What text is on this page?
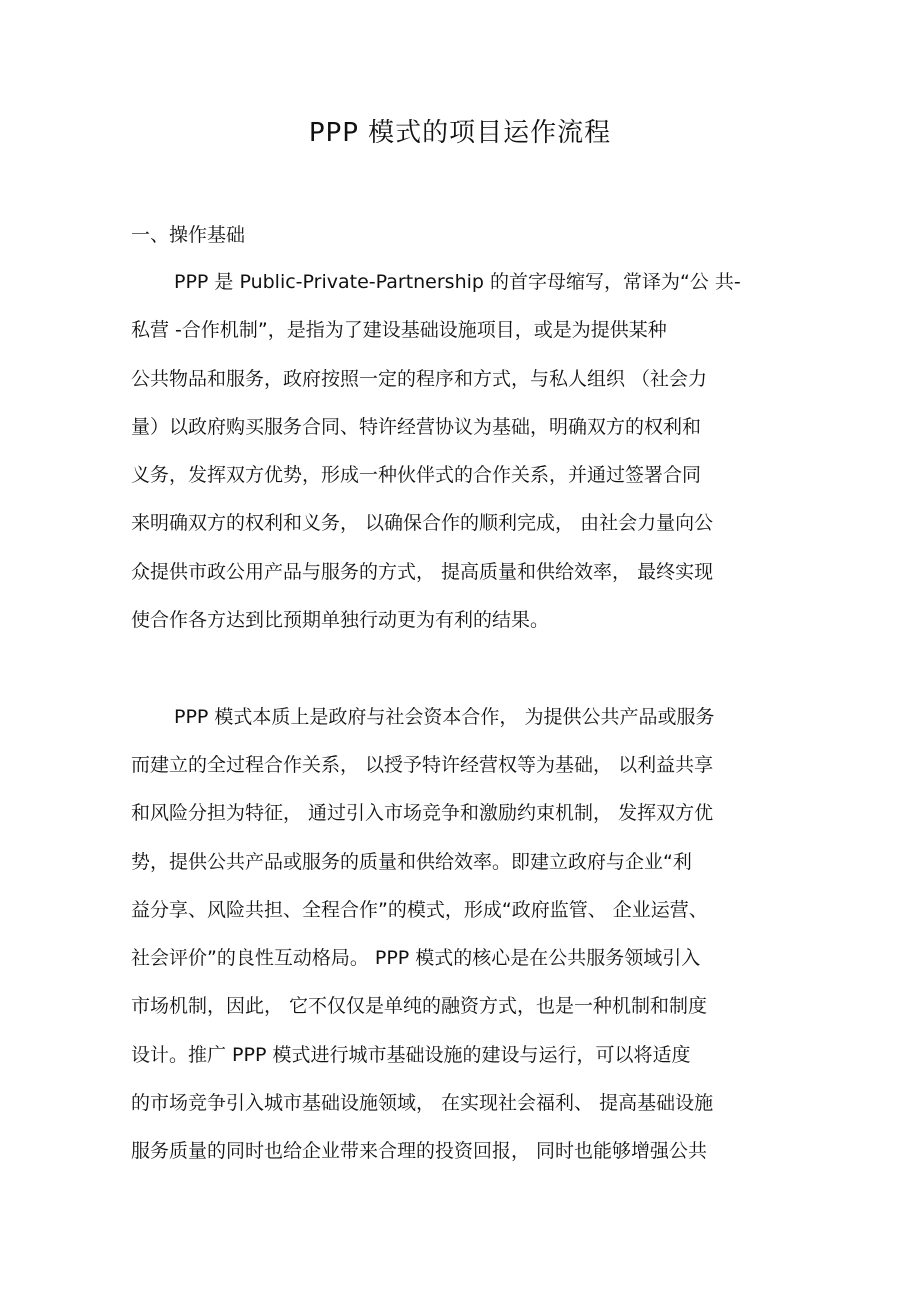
PPP 模式的项目运作流程
一、操作基础
PPP 是 Public-Private-Partnership 的首字母缩写，常译为“公 共-
私营 -合作机制”，是指为了建设基础设施项目，或是为提供某种
公共物品和服务，政府按照一定的程序和方式，与私人组织 （社会力
量）以政府购买服务合同、特许经营协议为基础，明确双方的权利和
义务，发挥双方优势，形成一种伙伴式的合作关系，并通过签署合同
来明确双方的权利和义务， 以确保合作的顺利完成， 由社会力量向公
众提供市政公用产品与服务的方式， 提高质量和供给效率， 最终实现
使合作各方达到比预期单独行动更为有利的结果。
PPP 模式本质上是政府与社会资本合作， 为提供公共产品或服务
而建立的全过程合作关系， 以授予特许经营权等为基础， 以利益共享
和风险分担为特征， 通过引入市场竞争和激励约束机制， 发挥双方优
势，提供公共产品或服务的质量和供给效率。即建立政府与企业“利
益分享、风险共担、全程合作”的模式，形成“政府监管、 企业运营、
社会评价”的良性互动格局。 PPP 模式的核心是在公共服务领域引入
市场机制，因此， 它不仅仅是单纯的融资方式，也是一种机制和制度
设计。推广 PPP 模式进行城市基础设施的建设与运行，可以将适度
的市场竞争引入城市基础设施领域， 在实现社会福利、 提高基础设施
服务质量的同时也给企业带来合理的投资回报， 同时也能够增强公共
